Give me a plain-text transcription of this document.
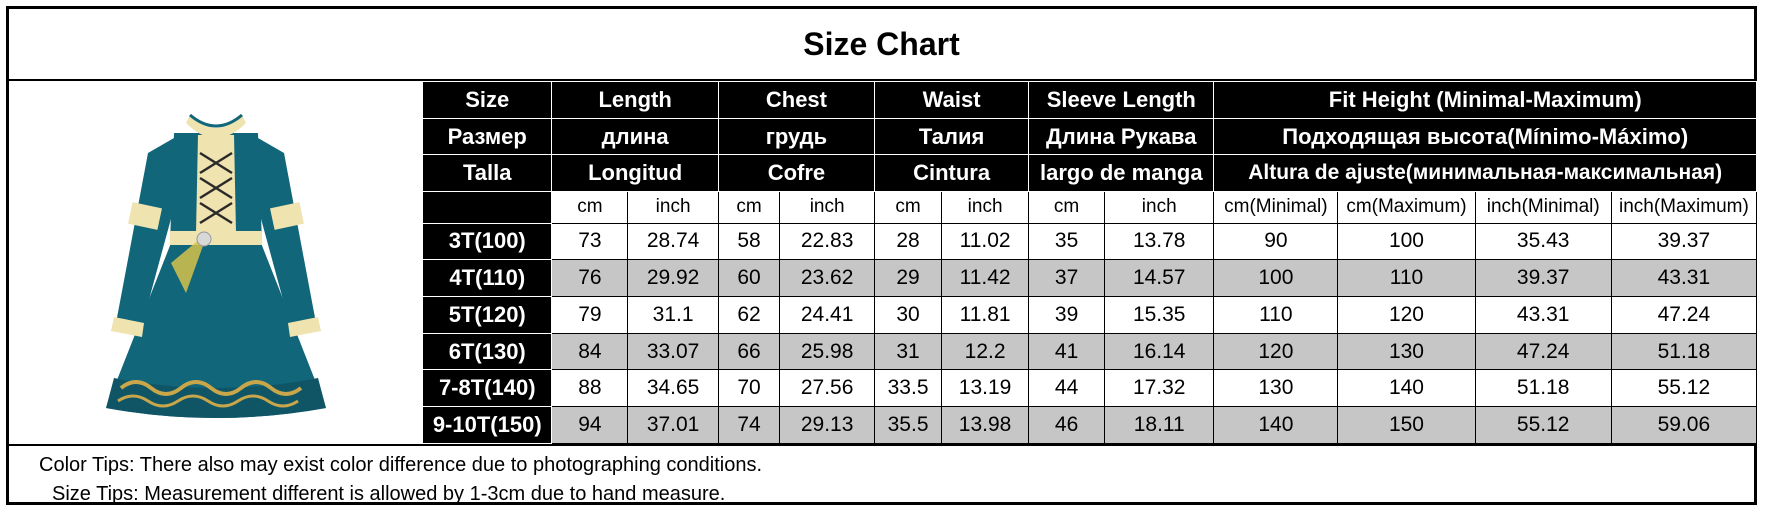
Size Chart
Size	Length		Chest		Waist		Sleeve Length		Fit Height (Minimal-Maximum)			
Размер	длина		грудь		Талия		Длина Рукава		Подходящая высота(Mínimo-Máximo)			
Talla	Longitud		Cofre		Cintura		largo de manga		Altura de ajuste(минимальная-максимальная)			
	cm	inch	cm	inch	cm	inch	cm	inch	cm(Minimal)	cm(Maximum)	inch(Minimal)	inch(Maximum)
3T(100)	73	28.74	58	22.83	28	11.02	35	13.78	90	100	35.43	39.37
4T(110)	76	29.92	60	23.62	29	11.42	37	14.57	100	110	39.37	43.31
5T(120)	79	31.1	62	24.41	30	11.81	39	15.35	110	120	43.31	47.24
6T(130)	84	33.07	66	25.98	31	12.2	41	16.14	120	130	47.24	51.18
7-8T(140)	88	34.65	70	27.56	33.5	13.19	44	17.32	130	140	51.18	55.12
9-10T(150)	94	37.01	74	29.13	35.5	13.98	46	18.11	140	150	55.12	59.06
Color Tips: There also may exist color difference due to photographing conditions.
Size Tips: Measurement different is allowed by 1-3cm due to hand measure.
